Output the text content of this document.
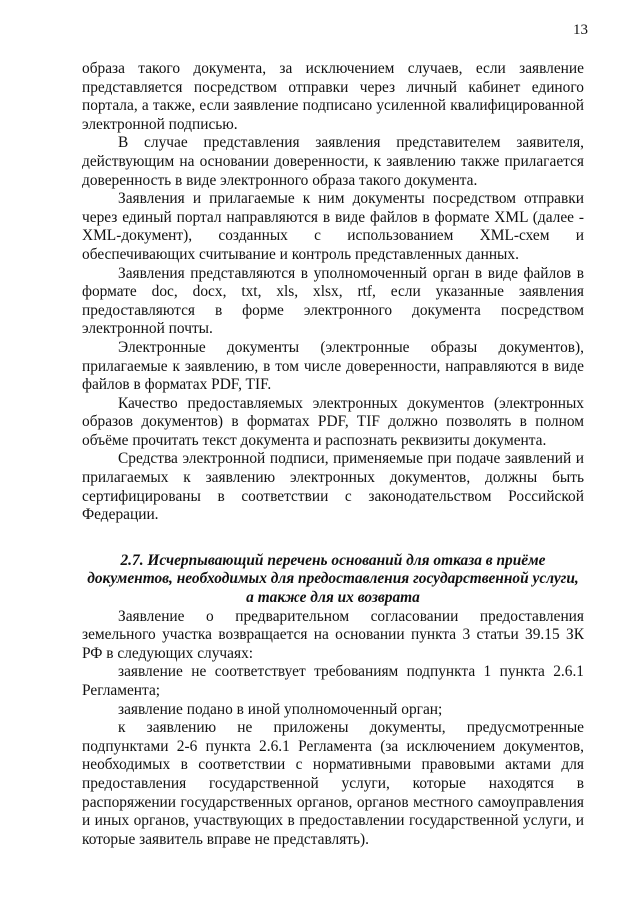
13

образа такого документа, за исключением случаев, если заявление представляется посредством отправки через личный кабинет единого портала, а также, если заявление подписано усиленной квалифицированной электронной подписью.

В случае представления заявления представителем заявителя, действующим на основании доверенности, к заявлению также прилагается доверенность в виде электронного образа такого документа.

Заявления и прилагаемые к ним документы посредством отправки через единый портал направляются в виде файлов в формате XML (далее - XML-документ), созданных с использованием XML-схем и обеспечивающих считывание и контроль представленных данных.

Заявления представляются в уполномоченный орган в виде файлов в формате doc, docx, txt, xls, xlsx, rtf, если указанные заявления предоставляются в форме электронного документа посредством электронной почты.

Электронные документы (электронные образы документов), прилагаемые к заявлению, в том числе доверенности, направляются в виде файлов в форматах PDF, TIF.

Качество предоставляемых электронных документов (электронных образов документов) в форматах PDF, TIF должно позволять в полном объёме прочитать текст документа и распознать реквизиты документа.

Средства электронной подписи, применяемые при подаче заявлений и прилагаемых к заявлению электронных документов, должны быть сертифицированы в соответствии с законодательством Российской Федерации.

2.7. Исчерпывающий перечень оснований для отказа в приёме документов, необходимых для предоставления государственной услуги, а также для их возврата

Заявление о предварительном согласовании предоставления земельного участка возвращается на основании пункта 3 статьи 39.15 ЗК РФ в следующих случаях:

заявление не соответствует требованиям подпункта 1 пункта 2.6.1 Регламента;

заявление подано в иной уполномоченный орган;

к заявлению не приложены документы, предусмотренные подпунктами 2-6 пункта 2.6.1 Регламента (за исключением документов, необходимых в соответствии с нормативными правовыми актами для предоставления государственной услуги, которые находятся в распоряжении государственных органов, органов местного самоуправления и иных органов, участвующих в предоставлении государственной услуги, и которые заявитель вправе не представлять).
